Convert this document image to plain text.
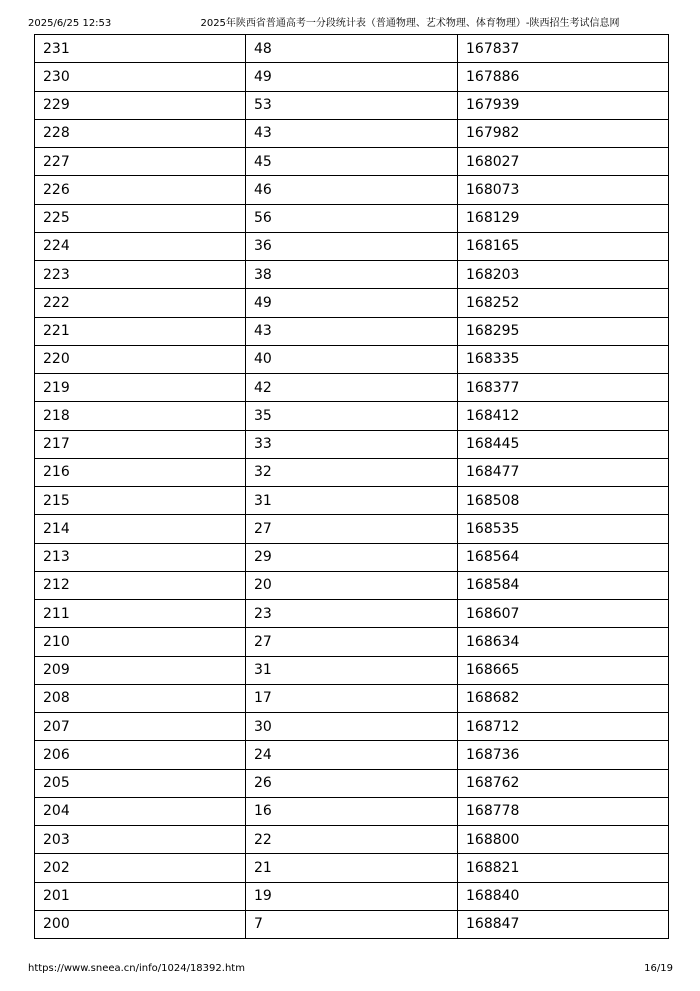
2025/6/25 12:53	2025年陕西省普通高考一分段统计表（普通物理、艺术物理、体育物理）-陕西招生考试信息网
231	48	167837
230	49	167886
229	53	167939
228	43	167982
227	45	168027
226	46	168073
225	56	168129
224	36	168165
223	38	168203
222	49	168252
221	43	168295
220	40	168335
219	42	168377
218	35	168412
217	33	168445
216	32	168477
215	31	168508
214	27	168535
213	29	168564
212	20	168584
211	23	168607
210	27	168634
209	31	168665
208	17	168682
207	30	168712
206	24	168736
205	26	168762
204	16	168778
203	22	168800
202	21	168821
201	19	168840
200	7	168847
https://www.sneea.cn/info/1024/18392.htm	16/19
